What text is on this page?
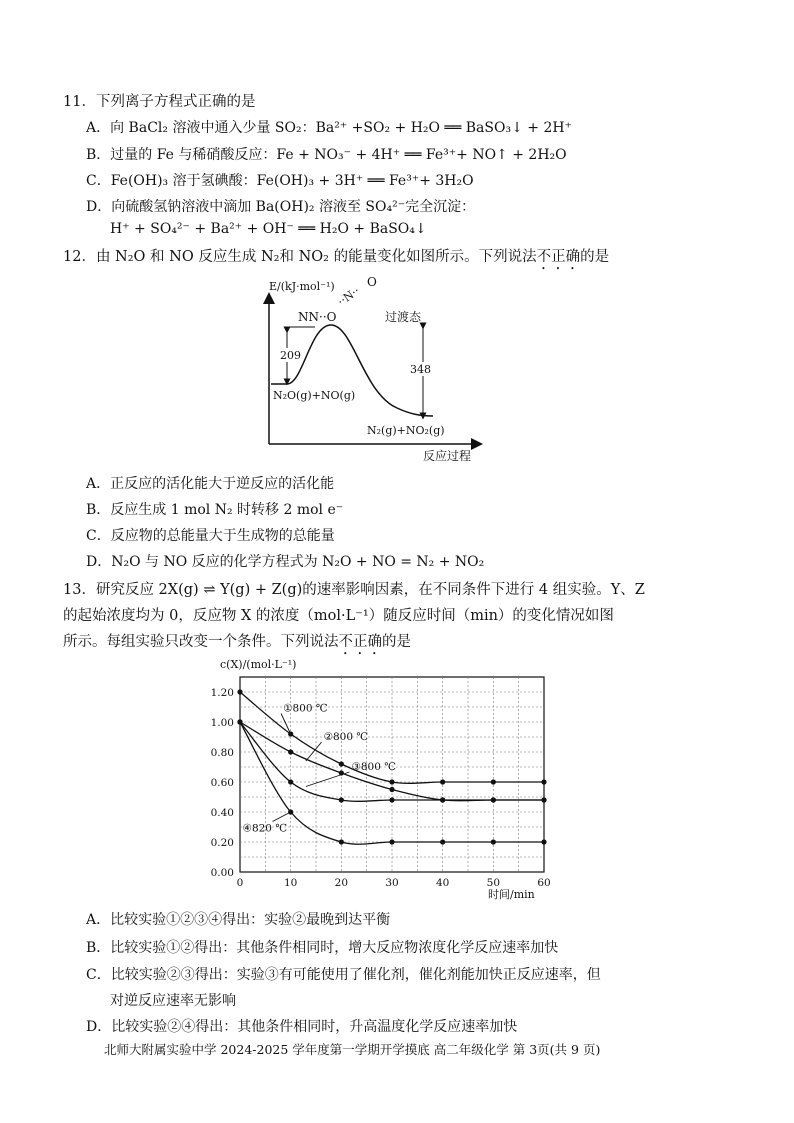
11．下列离子方程式正确的是
A．向 BaCl₂ 溶液中通入少量 SO₂：Ba²⁺ +SO₂ + H₂O ══ BaSO₃↓ + 2H⁺
B．过量的 Fe 与稀硝酸反应：Fe + NO₃⁻ + 4H⁺ ══ Fe³⁺+ NO↑ + 2H₂O
C．Fe(OH)₃ 溶于氢碘酸：Fe(OH)₃ + 3H⁺ ══ Fe³⁺+ 3H₂O
D．向硫酸氢钠溶液中滴加 Ba(OH)₂ 溶液至 SO₄²⁻完全沉淀：
H⁺ + SO₄²⁻ + Ba²⁺ + OH⁻ ══ H₂O + BaSO₄↓
12．由 N₂O 和 NO 反应生成 N₂和 NO₂ 的能量变化如图所示。下列说法不正确的是
E/(kJ·mol⁻¹)
反应过程
NN··O
··N··
O
过渡态
209
348
N₂O(g)+NO(g)
N₂(g)+NO₂(g)
A．正反应的活化能大于逆反应的活化能
B．反应生成 1 mol N₂ 时转移 2 mol e⁻
C．反应物的总能量大于生成物的总能量
D．N₂O 与 NO 反应的化学方程式为 N₂O + NO = N₂ + NO₂
13．研究反应 2X(g) ⇌ Y(g) + Z(g)的速率影响因素，在不同条件下进行 4 组实验。Y、Z
的起始浓度均为 0，反应物 X 的浓度（mol·L⁻¹）随反应时间（min）的变化情况如图
所示。每组实验只改变一个条件。下列说法不正确的是
c(X)/(mol·L⁻¹)
时间/min
0.00
0.20
0.40
0.60
0.80
1.00
1.20
0	10	20	30	40	50	60
①800 ℃
②800 ℃
③800 ℃
④820 ℃
A．比较实验①②③④得出：实验②最晚到达平衡
B．比较实验①②得出：其他条件相同时，增大反应物浓度化学反应速率加快
C．比较实验②③得出：实验③有可能使用了催化剂，催化剂能加快正反应速率，但
对逆反应速率无影响
D．比较实验②④得出：其他条件相同时，升高温度化学反应速率加快
北师大附属实验中学 2024-2025 学年度第一学期开学摸底 高二年级化学 第 3页(共 9 页)
